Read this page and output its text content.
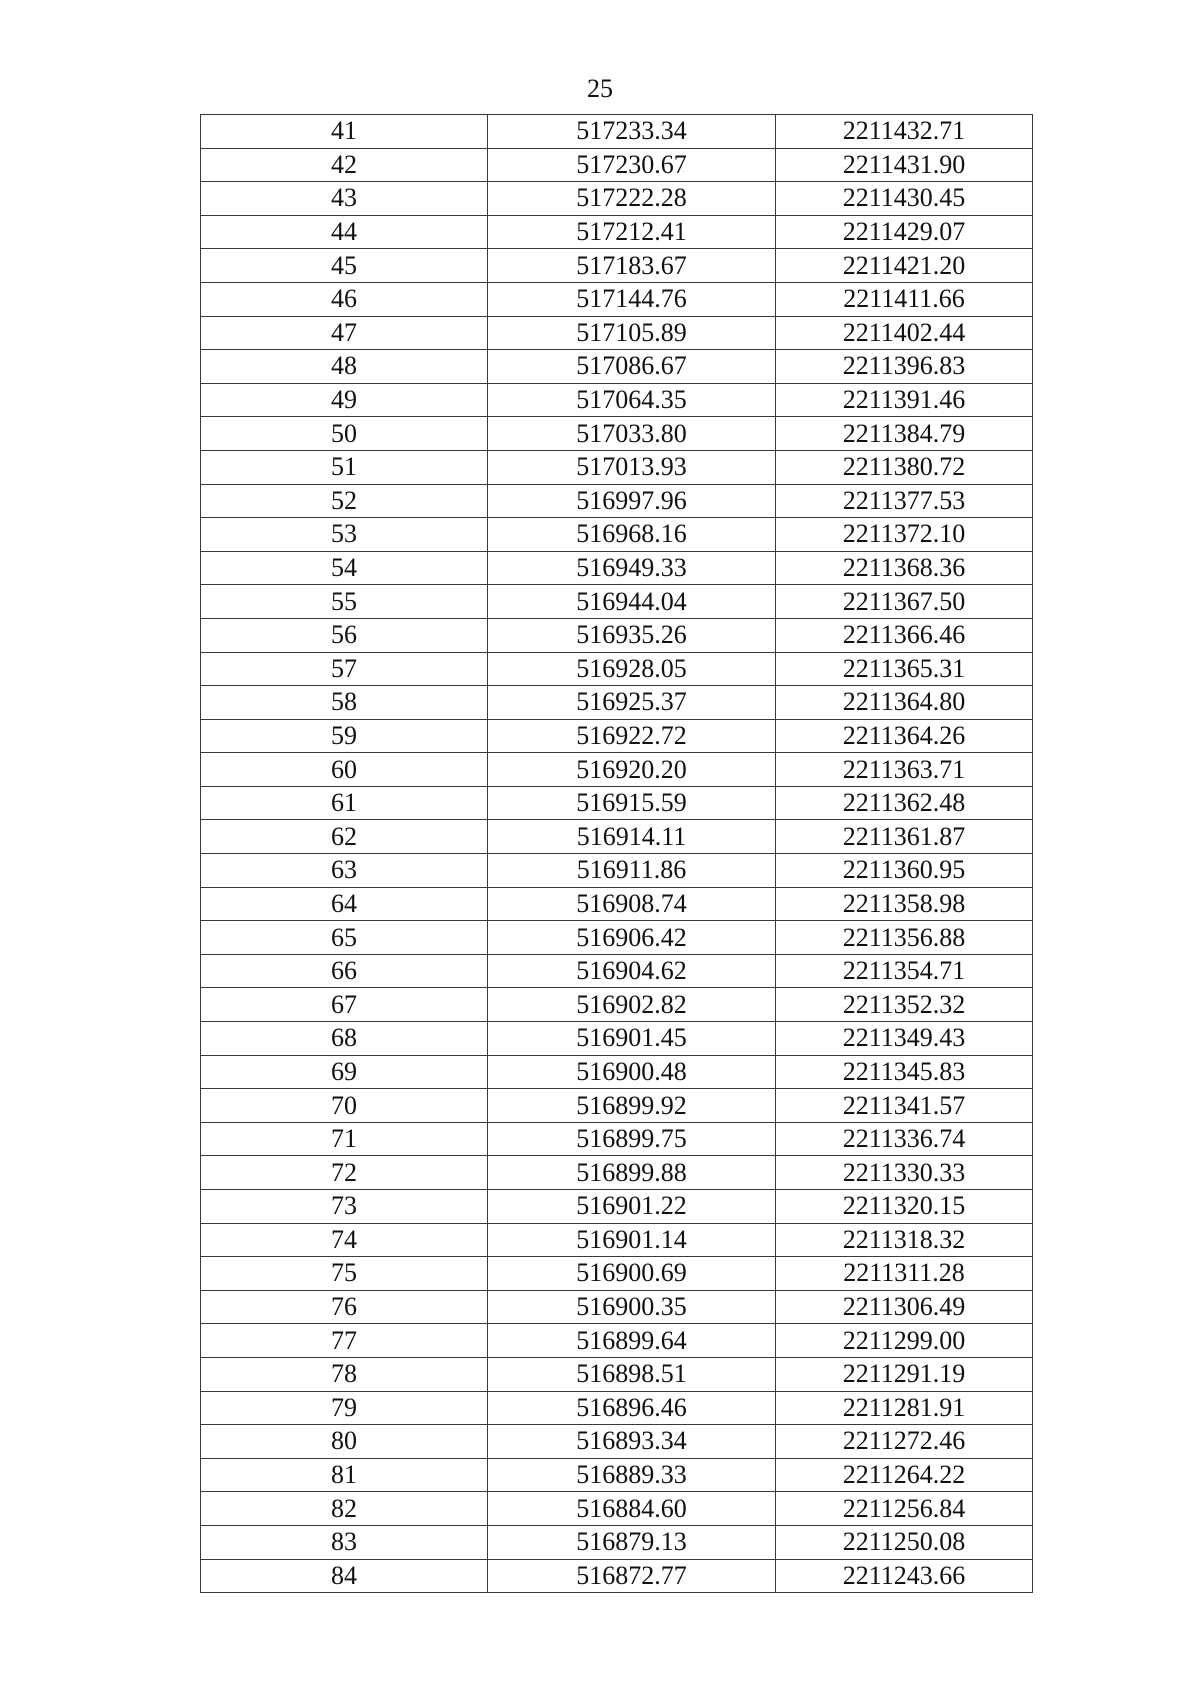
25
41	517233.34	2211432.71
42	517230.67	2211431.90
43	517222.28	2211430.45
44	517212.41	2211429.07
45	517183.67	2211421.20
46	517144.76	2211411.66
47	517105.89	2211402.44
48	517086.67	2211396.83
49	517064.35	2211391.46
50	517033.80	2211384.79
51	517013.93	2211380.72
52	516997.96	2211377.53
53	516968.16	2211372.10
54	516949.33	2211368.36
55	516944.04	2211367.50
56	516935.26	2211366.46
57	516928.05	2211365.31
58	516925.37	2211364.80
59	516922.72	2211364.26
60	516920.20	2211363.71
61	516915.59	2211362.48
62	516914.11	2211361.87
63	516911.86	2211360.95
64	516908.74	2211358.98
65	516906.42	2211356.88
66	516904.62	2211354.71
67	516902.82	2211352.32
68	516901.45	2211349.43
69	516900.48	2211345.83
70	516899.92	2211341.57
71	516899.75	2211336.74
72	516899.88	2211330.33
73	516901.22	2211320.15
74	516901.14	2211318.32
75	516900.69	2211311.28
76	516900.35	2211306.49
77	516899.64	2211299.00
78	516898.51	2211291.19
79	516896.46	2211281.91
80	516893.34	2211272.46
81	516889.33	2211264.22
82	516884.60	2211256.84
83	516879.13	2211250.08
84	516872.77	2211243.66
